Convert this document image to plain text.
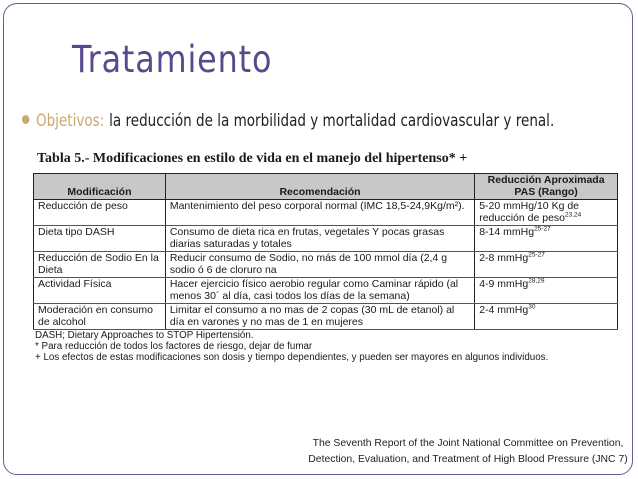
Tratamiento
Objetivos: la reducción de la morbilidad y mortalidad cardiovascular y renal.
Tabla 5.- Modificaciones en estilo de vida en el manejo del hipertenso* +
Modificación	Recomendación	Reducción Aproximada PAS (Rango)
Reducción de peso	Mantenimiento del peso corporal normal (IMC 18,5-24,9Kg/m²).	5-20 mmHg/10 Kg de reducción de peso$^{23,24}$
Dieta tipo DASH	Consumo de dieta rica en frutas, vegetales Y pocas grasas diarias saturadas y totales	8-14 mmHg$^{25-27}$
Reducción de Sodio En la Dieta	Reducir consumo de Sodio, no más de 100 mmol día (2,4 g sodio ó 6 de cloruro na	2-8 mmHg$^{25-27}$
Actividad Física	Hacer ejercicio físico aerobio regular como Caminar rápido (al menos 30´ al día, casi todos los días de la semana)	4-9 mmHg$^{28,29}$
Moderación en consumo de alcohol	Limitar el consumo a no mas de 2 copas (30 mL de etanol) al día en varones y no mas de 1 en mujeres	2-4 mmHg$^{30}$
DASH; Dietary Approaches to STOP Hipertensión.
* Para reducción de todos los factores de riesgo, dejar de fumar
+ Los efectos de estas modificaciones son dosis y tiempo dependientes, y pueden ser mayores en algunos individuos.
The Seventh Report of the Joint National Committee on Prevention,
Detection, Evaluation, and Treatment of High Blood Pressure (JNC 7)
